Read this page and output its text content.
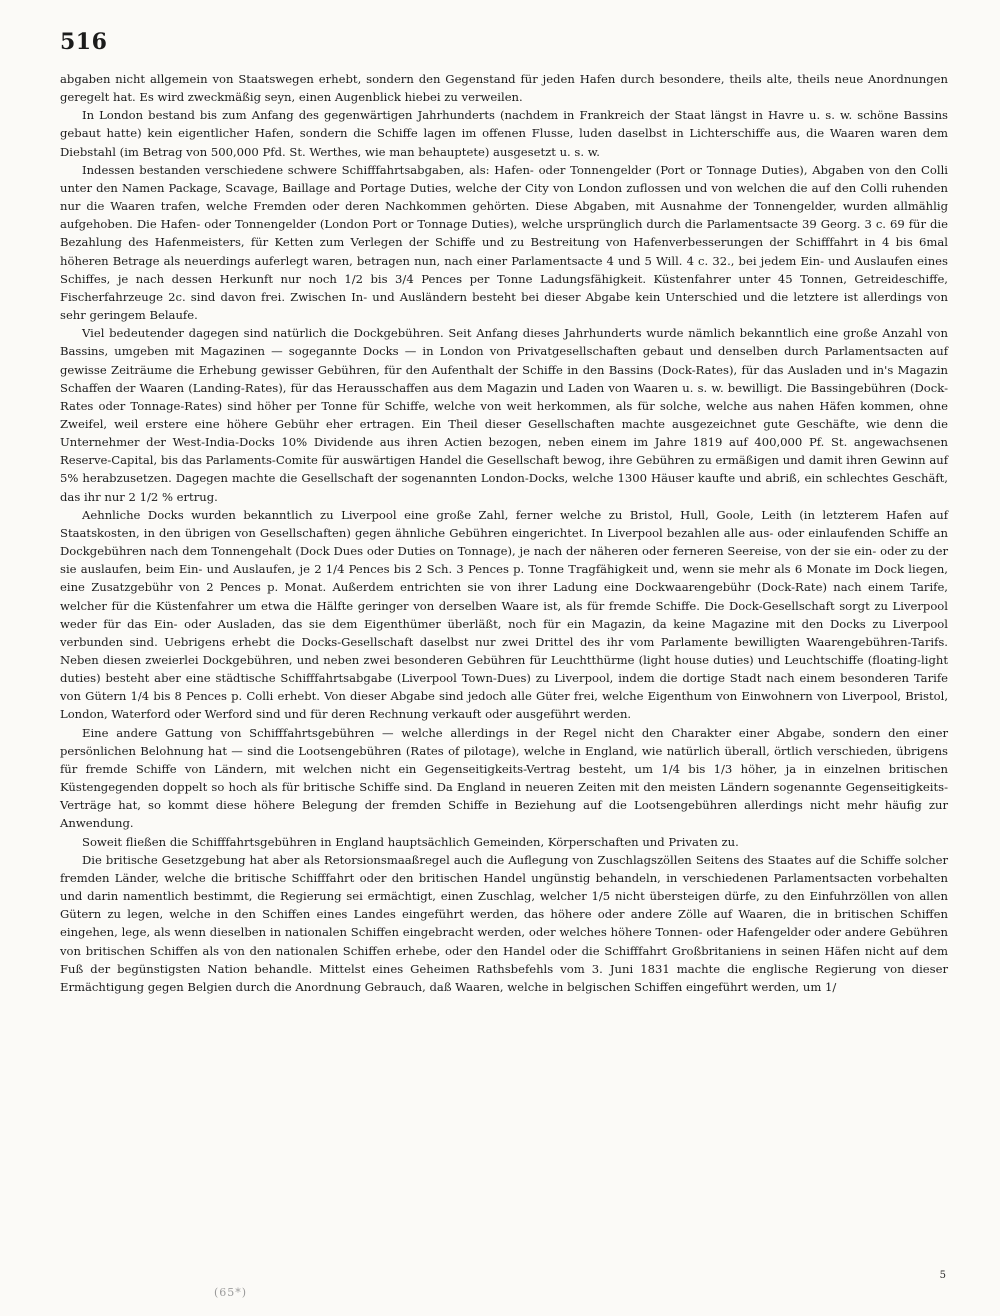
516

abgaben nicht allgemein von Staatswegen erhebt, sondern den Gegenstand für jeden Hafen durch besondere, theils alte, theils neue Anordnungen geregelt hat. Es wird zweckmäßig seyn, einen Augenblick hiebei zu verweilen.

In London bestand bis zum Anfang des gegenwärtigen Jahrhunderts (nachdem in Frankreich der Staat längst in Havre u. s. w. schöne Bassins gebaut hatte) kein eigentlicher Hafen, sondern die Schiffe lagen im offenen Flusse, luden daselbst in Lichterschiffe aus, die Waaren waren dem Diebstahl (im Betrag von 500,000 Pfd. St. Werthes, wie man behauptete) ausgesetzt u. s. w.

Indessen bestanden verschiedene schwere Schifffahrtsabgaben, als: Hafen- oder Tonnengelder (Port or Tonnage Duties), Abgaben von den Colli unter den Namen Package, Scavage, Baillage and Portage Duties, welche der City von London zuflossen und von welchen die auf den Colli ruhenden nur die Waaren trafen, welche Fremden oder deren Nachkommen gehörten. Diese Abgaben, mit Ausnahme der Tonnengelder, wurden allmählig aufgehoben. Die Hafen- oder Tonnengelder (London Port or Tonnage Duties), welche ursprünglich durch die Parlamentsacte 39 Georg. 3 c. 69 für die Bezahlung des Hafenmeisters, für Ketten zum Verlegen der Schiffe und zu Bestreitung von Hafenverbesserungen der Schifffahrt in 4 bis 6mal höheren Betrage als neuerdings auferlegt waren, betragen nun, nach einer Parlamentsacte 4 und 5 Will. 4 c. 32., bei jedem Ein- und Auslaufen eines Schiffes, je nach dessen Herkunft nur noch 1/2 bis 3/4 Pences per Tonne Ladungsfähigkeit. Küstenfahrer unter 45 Tonnen, Getreideschiffe, Fischerfahrzeuge 2c. sind davon frei. Zwischen In- und Ausländern besteht bei dieser Abgabe kein Unterschied und die letztere ist allerdings von sehr geringem Belaufe.

Viel bedeutender dagegen sind natürlich die Dockgebühren. Seit Anfang dieses Jahrhunderts wurde nämlich bekanntlich eine große Anzahl von Bassins, umgeben mit Magazinen — sogegannte Docks — in London von Privatgesellschaften gebaut und denselben durch Parlamentsacten auf gewisse Zeiträume die Erhebung gewisser Gebühren, für den Aufenthalt der Schiffe in den Bassins (Dock-Rates), für das Ausladen und in's Magazin Schaffen der Waaren (Landing-Rates), für das Herausschaffen aus dem Magazin und Laden von Waaren u. s. w. bewilligt. Die Bassingebühren (Dock-Rates oder Tonnage-Rates) sind höher per Tonne für Schiffe, welche von weit herkommen, als für solche, welche aus nahen Häfen kommen, ohne Zweifel, weil erstere eine höhere Gebühr eher ertragen. Ein Theil dieser Gesellschaften machte ausgezeichnet gute Geschäfte, wie denn die Unternehmer der West-India-Docks 10% Dividende aus ihren Actien bezogen, neben einem im Jahre 1819 auf 400,000 Pf. St. angewachsenen Reserve-Capital, bis das Parlaments-Comite für auswärtigen Handel die Gesellschaft bewog, ihre Gebühren zu ermäßigen und damit ihren Gewinn auf 5% herabzusetzen. Dagegen machte die Gesellschaft der sogenannten London-Docks, welche 1300 Häuser kaufte und abriß, ein schlechtes Geschäft, das ihr nur 2 1/2 % ertrug.

Aehnliche Docks wurden bekanntlich zu Liverpool eine große Zahl, ferner welche zu Bristol, Hull, Goole, Leith (in letzterem Hafen auf Staatskosten, in den übrigen von Gesellschaften) gegen ähnliche Gebühren eingerichtet. In Liverpool bezahlen alle aus- oder einlaufenden Schiffe an Dockgebühren nach dem Tonnengehalt (Dock Dues oder Duties on Tonnage), je nach der näheren oder ferneren Seereise, von der sie ein- oder zu der sie auslaufen, beim Ein- und Auslaufen, je 2 1/4 Pences bis 2 Sch. 3 Pences p. Tonne Tragfähigkeit und, wenn sie mehr als 6 Monate im Dock liegen, eine Zusatzgebühr von 2 Pences p. Monat. Außerdem entrichten sie von ihrer Ladung eine Dockwaarengebühr (Dock-Rate) nach einem Tarife, welcher für die Küstenfahrer um etwa die Hälfte geringer von derselben Waare ist, als für fremde Schiffe. Die Dock-Gesellschaft sorgt zu Liverpool weder für das Ein- oder Ausladen, das sie dem Eigenthümer überläßt, noch für ein Magazin, da keine Magazine mit den Docks zu Liverpool verbunden sind. Uebrigens erhebt die Docks-Gesellschaft daselbst nur zwei Drittel des ihr vom Parlamente bewilligten Waarengebühren-Tarifs. Neben diesen zweierlei Dockgebühren, und neben zwei besonderen Gebühren für Leuchtthürme (light house duties) und Leuchtschiffe (floating-light duties) besteht aber eine städtische Schifffahrtsabgabe (Liverpool Town-Dues) zu Liverpool, indem die dortige Stadt nach einem besonderen Tarife von Gütern 1/4 bis 8 Pences p. Colli erhebt. Von dieser Abgabe sind jedoch alle Güter frei, welche Eigenthum von Einwohnern von Liverpool, Bristol, London, Waterford oder Werford sind und für deren Rechnung verkauft oder ausgeführt werden.

Eine andere Gattung von Schifffahrtsgebühren — welche allerdings in der Regel nicht den Charakter einer Abgabe, sondern den einer persönlichen Belohnung hat — sind die Lootsengebühren (Rates of pilotage), welche in England, wie natürlich überall, örtlich verschieden, übrigens für fremde Schiffe von Ländern, mit welchen nicht ein Gegenseitigkeits-Vertrag besteht, um 1/4 bis 1/3 höher, ja in einzelnen britischen Küstengegenden doppelt so hoch als für britische Schiffe sind. Da England in neueren Zeiten mit den meisten Ländern sogenannte Gegenseitigkeits-Verträge hat, so kommt diese höhere Belegung der fremden Schiffe in Beziehung auf die Lootsengebühren allerdings nicht mehr häufig zur Anwendung.

Soweit fließen die Schifffahrtsgebühren in England hauptsächlich Gemeinden, Körperschaften und Privaten zu.

Die britische Gesetzgebung hat aber als Retorsionsmaaßregel auch die Auflegung von Zuschlagszöllen Seitens des Staates auf die Schiffe solcher fremden Länder, welche die britische Schifffahrt oder den britischen Handel ungünstig behandeln, in verschiedenen Parlamentsacten vorbehalten und darin namentlich bestimmt, die Regierung sei ermächtigt, einen Zuschlag, welcher 1/5 nicht übersteigen dürfe, zu den Einfuhrzöllen von allen Gütern zu legen, welche in den Schiffen eines Landes eingeführt werden, das höhere oder andere Zölle auf Waaren, die in britischen Schiffen eingehen, lege, als wenn dieselben in nationalen Schiffen eingebracht werden, oder welches höhere Tonnen- oder Hafengelder oder andere Gebühren von britischen Schiffen als von den nationalen Schiffen erhebe, oder den Handel oder die Schifffahrt Großbritaniens in seinen Häfen nicht auf dem Fuß der begünstigsten Nation behandle. Mittelst eines Geheimen Rathsbefehls vom 3. Juni 1831 machte die englische Regierung von dieser Ermächtigung gegen Belgien durch die Anordnung Gebrauch, daß Waaren, welche in belgischen Schiffen eingeführt werden, um 1/

5
(65*)
